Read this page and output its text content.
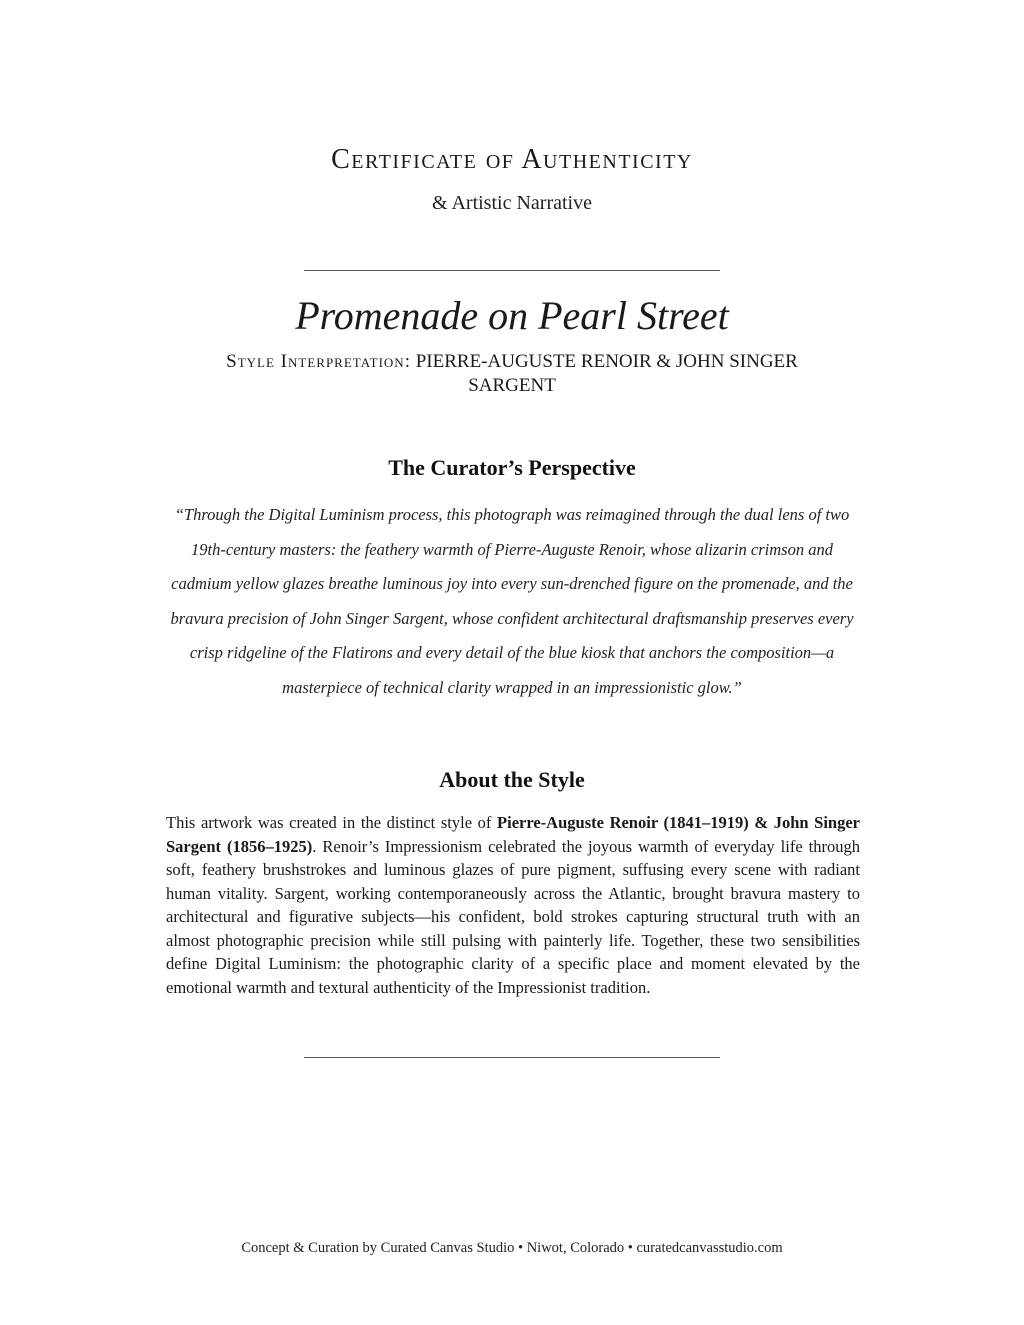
Certificate of Authenticity
& Artistic Narrative
Promenade on Pearl Street
Style Interpretation: PIERRE-AUGUSTE RENOIR & JOHN SINGER SARGENT
The Curator’s Perspective
“Through the Digital Luminism process, this photograph was reimagined through the dual lens of two 19th-century masters: the feathery warmth of Pierre-Auguste Renoir, whose alizarin crimson and cadmium yellow glazes breathe luminous joy into every sun-drenched figure on the promenade, and the bravura precision of John Singer Sargent, whose confident architectural draftsmanship preserves every crisp ridgeline of the Flatirons and every detail of the blue kiosk that anchors the composition—a masterpiece of technical clarity wrapped in an impressionistic glow.”
About the Style
This artwork was created in the distinct style of Pierre-Auguste Renoir (1841–1919) & John Singer Sargent (1856–1925). Renoir’s Impressionism celebrated the joyous warmth of everyday life through soft, feathery brushstrokes and luminous glazes of pure pigment, suffusing every scene with radiant human vitality. Sargent, working contemporaneously across the Atlantic, brought bravura mastery to architectural and figurative subjects—his confident, bold strokes capturing structural truth with an almost photographic precision while still pulsing with painterly life. Together, these two sensibilities define Digital Luminism: the photographic clarity of a specific place and moment elevated by the emotional warmth and textural authenticity of the Impressionist tradition.
Concept & Curation by Curated Canvas Studio • Niwot, Colorado • curatedcanvasstudio.com
